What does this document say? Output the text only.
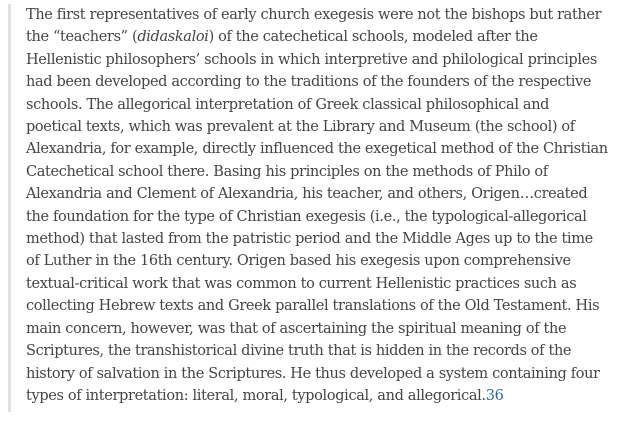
The first representatives of early church exegesis were not the bishops but rather the “teachers” (didaskaloi) of the catechetical schools, modeled after the Hellenistic philosophers’ schools in which interpretive and philological principles had been developed according to the traditions of the founders of the respective schools. The allegorical interpretation of Greek classical philosophical and poetical texts, which was prevalent at the Library and Museum (the school) of Alexandria, for example, directly influenced the exegetical method of the Christian Catechetical school there. Basing his principles on the methods of Philo of Alexandria and Clement of Alexandria, his teacher, and others, Origen…created the foundation for the type of Christian exegesis (i.e., the typological-allegorical method) that lasted from the patristic period and the Middle Ages up to the time of Luther in the 16th century. Origen based his exegesis upon comprehensive textual-critical work that was common to current Hellenistic practices such as collecting Hebrew texts and Greek parallel translations of the Old Testament. His main concern, however, was that of ascertaining the spiritual meaning of the Scriptures, the transhistorical divine truth that is hidden in the records of the history of salvation in the Scriptures. He thus developed a system containing four types of interpretation: literal, moral, typological, and allegorical.36
